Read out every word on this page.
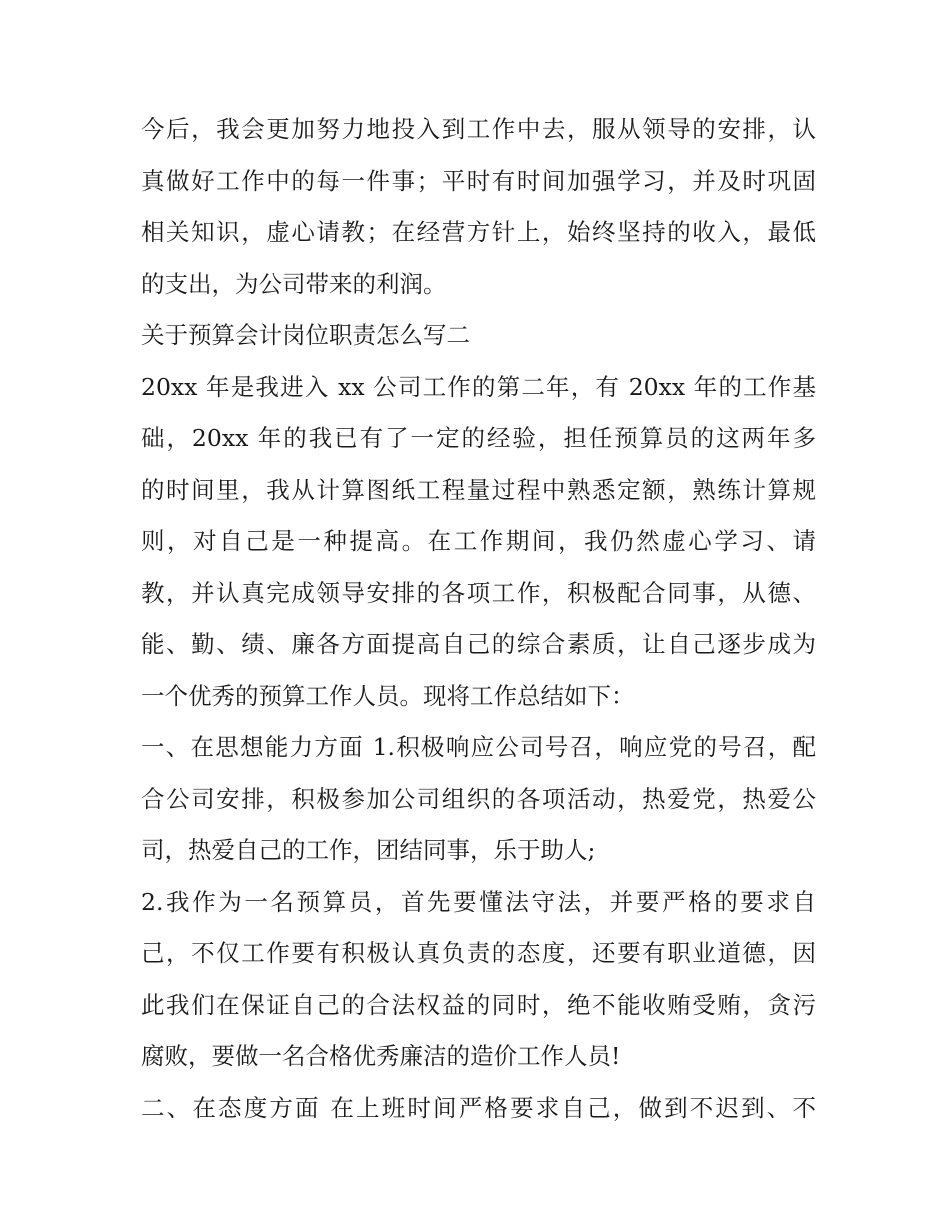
今后，我会更加努力地投入到工作中去，服从领导的安排，认
真做好工作中的每一件事；平时有时间加强学习，并及时巩固
相关知识，虚心请教；在经营方针上，始终坚持的收入，最低
的支出，为公司带来的利润。
关于预算会计岗位职责怎么写二
20xx 年是我进入 xx 公司工作的第二年，有 20xx 年的工作基
础，20xx 年的我已有了一定的经验，担任预算员的这两年多
的时间里，我从计算图纸工程量过程中熟悉定额，熟练计算规
则，对自己是一种提高。在工作期间，我仍然虚心学习、请
教，并认真完成领导安排的各项工作，积极配合同事，从德、
能、勤、绩、廉各方面提高自己的综合素质，让自己逐步成为
一个优秀的预算工作人员。现将工作总结如下：
一、在思想能力方面 1.积极响应公司号召，响应党的号召，配
合公司安排，积极参加公司组织的各项活动，热爱党，热爱公
司，热爱自己的工作，团结同事，乐于助人;
2.我作为一名预算员，首先要懂法守法，并要严格的要求自
己，不仅工作要有积极认真负责的态度，还要有职业道德，因
此我们在保证自己的合法权益的同时，绝不能收贿受贿，贪污
腐败，要做一名合格优秀廉洁的造价工作人员!
二、在态度方面 在上班时间严格要求自己，做到不迟到、不
